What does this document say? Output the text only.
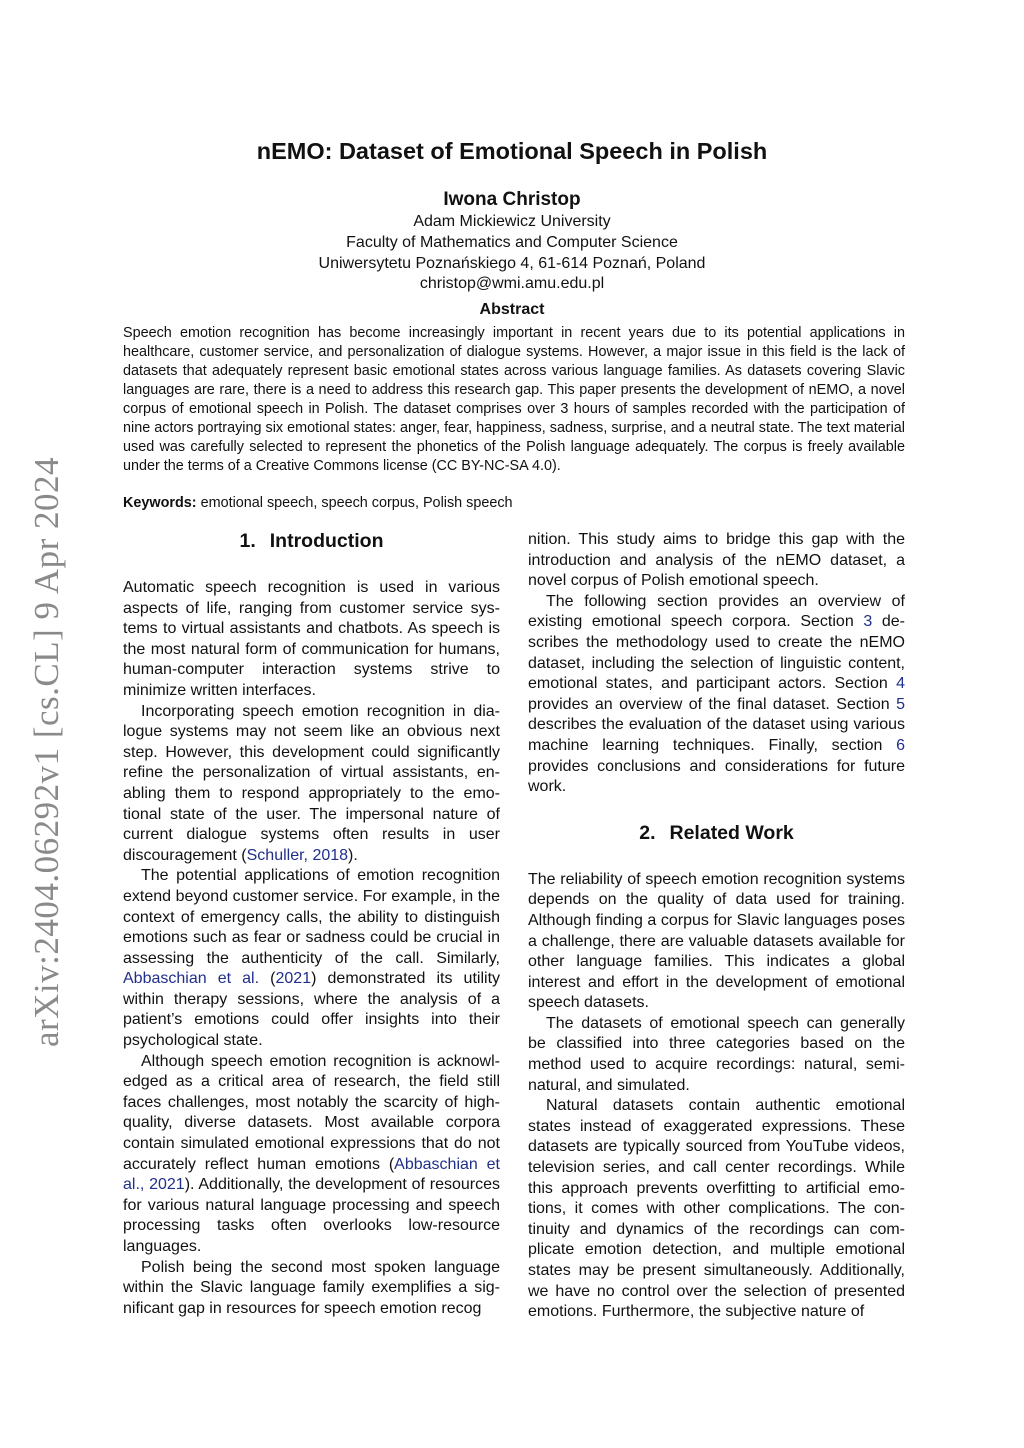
arXiv:2404.06292v1 [cs.CL] 9 Apr 2024
nEMO: Dataset of Emotional Speech in Polish
Iwona Christop
Adam Mickiewicz University
Faculty of Mathematics and Computer Science
Uniwersytetu Poznańskiego 4, 61-614 Poznań, Poland
christop@wmi.amu.edu.pl
Abstract
Speech emotion recognition has become increasingly important in recent years due to its potential applications in healthcare, customer service, and personalization of dialogue systems. However, a major issue in this field is the lack of datasets that adequately represent basic emotional states across various language families. As datasets covering Slavic languages are rare, there is a need to address this research gap. This paper presents the development of nEMO, a novel corpus of emotional speech in Polish. The dataset comprises over 3 hours of samples recorded with the participation of nine actors portraying six emotional states: anger, fear, happiness, sadness, surprise, and a neutral state. The text material used was carefully selected to represent the phonetics of the Polish language adequately. The corpus is freely available under the terms of a Creative Commons license (CC BY-NC-SA 4.0).
Keywords: emotional speech, speech corpus, Polish speech
1. Introduction

Automatic speech recognition is used in various aspects of life, ranging from customer service systems to virtual assistants and chatbots. As speech is the most natural form of communication for humans, human-computer interaction systems strive to minimize written interfaces.

Incorporating speech emotion recognition in dialogue systems may not seem like an obvious next step. However, this development could significantly refine the personalization of virtual assistants, enabling them to respond appropriately to the emotional state of the user. The impersonal nature of current dialogue systems often results in user discouragement (Schuller, 2018).

The potential applications of emotion recognition extend beyond customer service. For example, in the context of emergency calls, the ability to distinguish emotions such as fear or sadness could be crucial in assessing the authenticity of the call. Similarly, Abbaschian et al. (2021) demonstrated its utility within therapy sessions, where the analysis of a patient’s emotions could offer insights into their psychological state.

Although speech emotion recognition is acknowledged as a critical area of research, the field still faces challenges, most notably the scarcity of high-quality, diverse datasets. Most available corpora contain simulated emotional expressions that do not accurately reflect human emotions (Abbaschian et al., 2021). Additionally, the development of resources for various natural language processing and speech processing tasks often overlooks low-resource languages.

Polish being the second most spoken language within the Slavic language family exemplifies a significant gap in resources for speech emotion recog

nition. This study aims to bridge this gap with the introduction and analysis of the nEMO dataset, a novel corpus of Polish emotional speech.

The following section provides an overview of existing emotional speech corpora. Section 3 describes the methodology used to create the nEMO dataset, including the selection of linguistic content, emotional states, and participant actors. Section 4 provides an overview of the final dataset. Section 5 describes the evaluation of the dataset using various machine learning techniques. Finally, section 6 provides conclusions and considerations for future work.

2. Related Work

The reliability of speech emotion recognition systems depends on the quality of data used for training. Although finding a corpus for Slavic languages poses a challenge, there are valuable datasets available for other language families. This indicates a global interest and effort in the development of emotional speech datasets.

The datasets of emotional speech can generally be classified into three categories based on the method used to acquire recordings: natural, semi-natural, and simulated.

Natural datasets contain authentic emotional states instead of exaggerated expressions. These datasets are typically sourced from YouTube videos, television series, and call center recordings. While this approach prevents overfitting to artificial emotions, it comes with other complications. The continuity and dynamics of the recordings can complicate emotion detection, and multiple emotional states may be present simultaneously. Additionally, we have no control over the selection of presented emotions. Furthermore, the subjective nature of
